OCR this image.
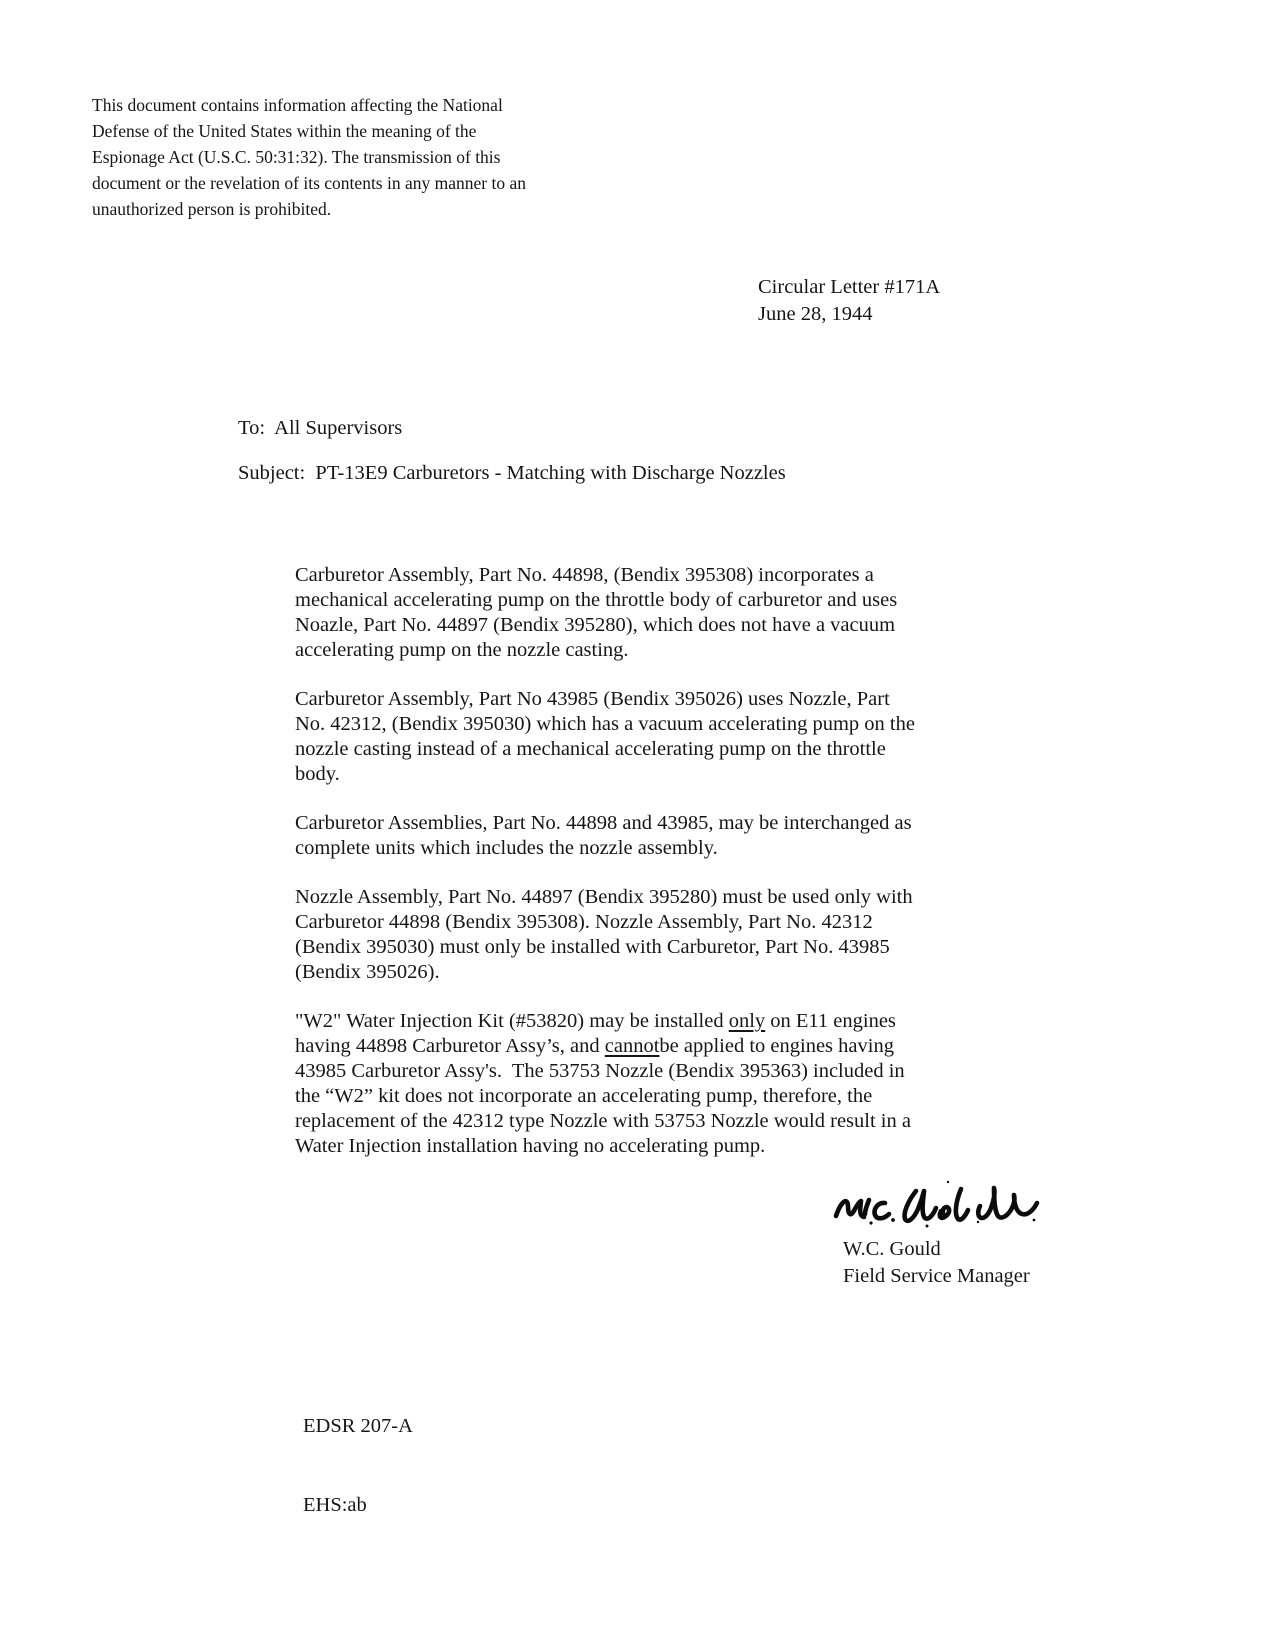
This document contains information affecting the National
Defense of the United States within the meaning of the
Espionage Act (U.S.C. 50:31:32). The transmission of this
document or the revelation of its contents in any manner to an
unauthorized person is prohibited.
Circular Letter #171A
June 28, 1944
To:  All Supervisors
Subject:  PT-13E9 Carburetors - Matching with Discharge Nozzles
Carburetor Assembly, Part No. 44898, (Bendix 395308) incorporates a
mechanical accelerating pump on the throttle body of carburetor and uses
Noazle, Part No. 44897 (Bendix 395280), which does not have a vacuum
accelerating pump on the nozzle casting.
Carburetor Assembly, Part No 43985 (Bendix 395026) uses Nozzle, Part
No. 42312, (Bendix 395030) which has a vacuum accelerating pump on the
nozzle casting instead of a mechanical accelerating pump on the throttle
body.
Carburetor Assemblies, Part No. 44898 and 43985, may be interchanged as
complete units which includes the nozzle assembly.
Nozzle Assembly, Part No. 44897 (Bendix 395280) must be used only with
Carburetor 44898 (Bendix 395308). Nozzle Assembly, Part No. 42312
(Bendix 395030) must only be installed with Carburetor, Part No. 43985
(Bendix 395026).
"W2" Water Injection Kit (#53820) may be installed only on E11 engines
having 44898 Carburetor Assy’s, and cannotbe applied to engines having
43985 Carburetor Assy's.  The 53753 Nozzle (Bendix 395363) included in
the “W2” kit does not incorporate an accelerating pump, therefore, the
replacement of the 42312 type Nozzle with 53753 Nozzle would result in a
Water Injection installation having no accelerating pump.
W.C. Gould
Field Service Manager
EDSR 207-A
EHS:ab
